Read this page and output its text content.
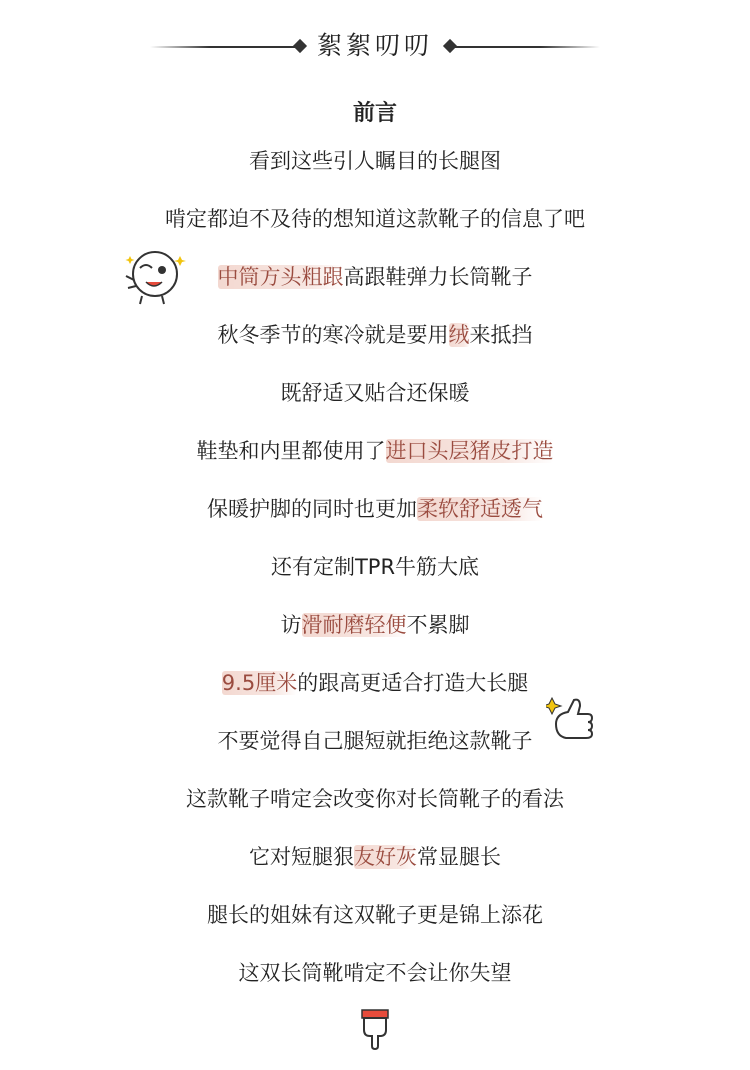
絮絮叨叨
前言
看到这些引人瞩目的长腿图
啃定都迫不及待的想知道这款靴子的信息了吧
中筒方头粗跟高跟鞋弹力长筒靴子
秋冬季节的寒冷就是要用绒来抵挡
既舒适又贴合还保暖
鞋垫和内里都使用了进口头层猪皮打造
保暖护脚的同时也更加柔软舒适透气
还有定制TPR牛筋大底
访滑耐磨轻便不累脚
9.5厘米的跟高更适合打造大长腿
不要觉得自己腿短就拒绝这款靴子
这款靴子啃定会改变你对长筒靴子的看法
它对短腿狠友好灰常显腿长
腿长的姐妹有这双靴子更是锦上添花
这双长筒靴啃定不会让你失望
